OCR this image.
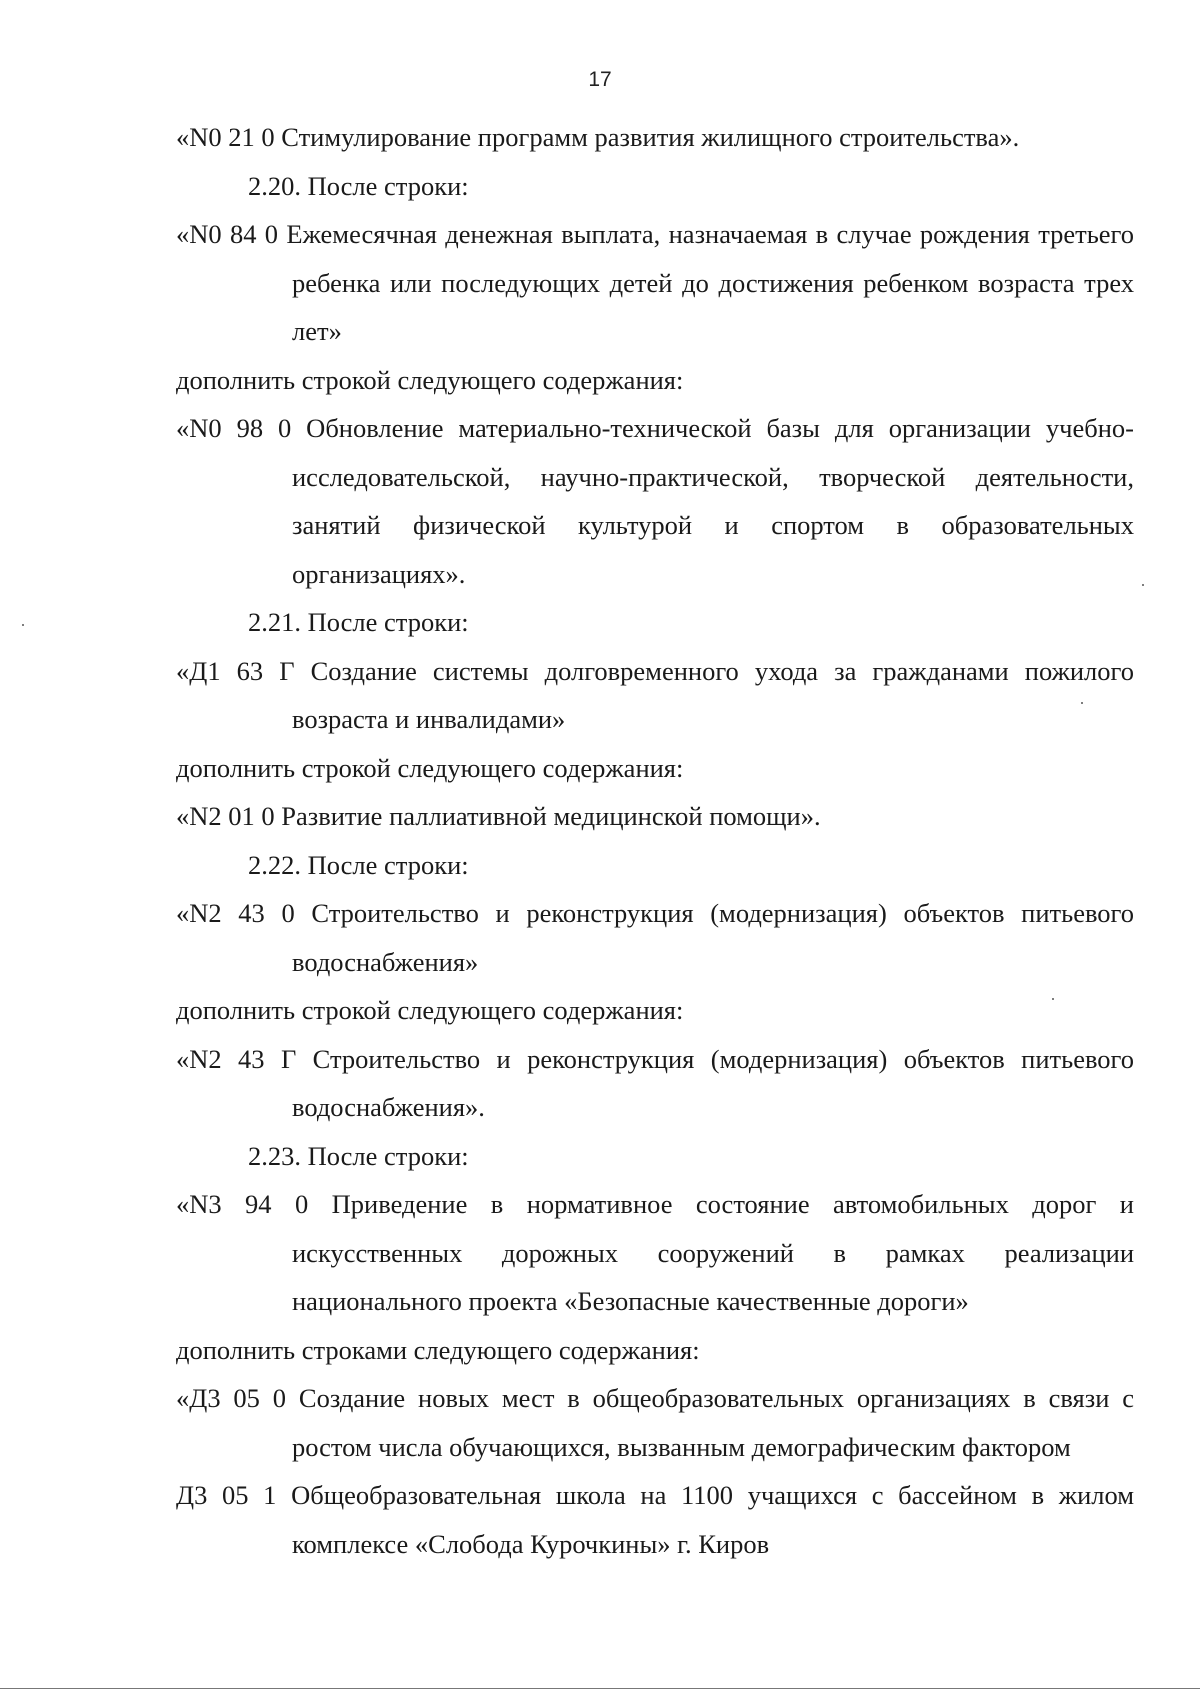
17

«N0 21 0 Стимулирование программ развития жилищного строительства».

2.20. После строки:

«N0 84 0 Ежемесячная денежная выплата, назначаемая в случае рождения третьего ребенка или последующих детей до достижения ребенком возраста трех лет»

дополнить строкой следующего содержания:

«N0 98 0 Обновление материально-технической базы для организации учебно-исследовательской, научно-практической, творческой деятельности, занятий физической культурой и спортом в образовательных организациях».

2.21. После строки:

«Д1 63 Г Создание системы долговременного ухода за гражданами пожилого возраста и инвалидами»

дополнить строкой следующего содержания:

«N2 01 0 Развитие паллиативной медицинской помощи».

2.22. После строки:

«N2 43 0 Строительство и реконструкция (модернизация) объектов питьевого водоснабжения»

дополнить строкой следующего содержания:

«N2 43 Г Строительство и реконструкция (модернизация) объектов питьевого водоснабжения».

2.23. После строки:

«N3 94 0 Приведение в нормативное состояние автомобильных дорог и искусственных дорожных сооружений в рамках реализации национального проекта «Безопасные качественные дороги»

дополнить строками следующего содержания:

«Д3 05 0 Создание новых мест в общеобразовательных организациях в связи с ростом числа обучающихся, вызванным демографическим фактором

Д3 05 1 Общеобразовательная школа на 1100 учащихся с бассейном в жилом комплексе «Слобода Курочкины» г. Киров
